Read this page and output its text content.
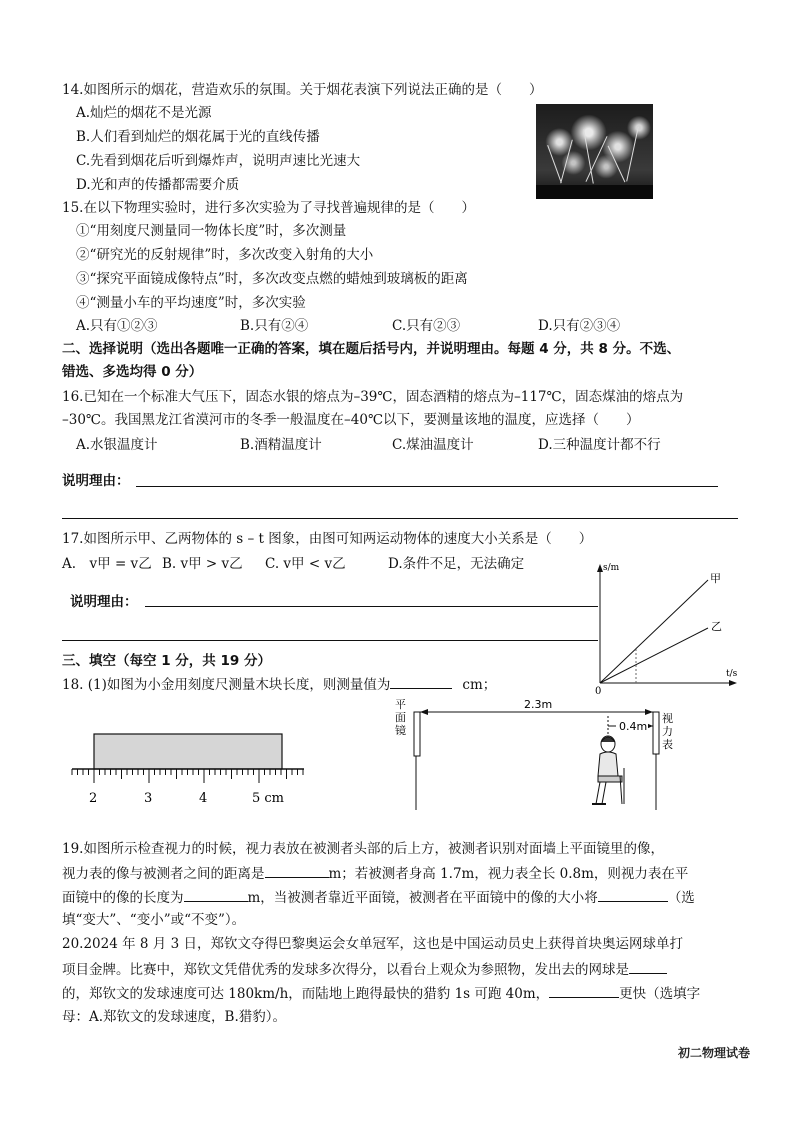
14.如图所示的烟花，营造欢乐的氛围。关于烟花表演下列说法正确的是（　　）
A.灿烂的烟花不是光源
B.人们看到灿烂的烟花属于光的直线传播
C.先看到烟花后听到爆炸声，说明声速比光速大
D.光和声的传播都需要介质
15.在以下物理实验时，进行多次实验为了寻找普遍规律的是（　　）
①“用刻度尺测量同一物体长度”时，多次测量
②“研究光的反射规律”时，多次改变入射角的大小
③“探究平面镜成像特点”时，多次改变点燃的蜡烛到玻璃板的距离
④“测量小车的平均速度”时，多次实验
A.只有①②③	B.只有②④	C.只有②③	D.只有②③④
二、选择说明（选出各题唯一正确的答案，填在题后括号内，并说明理由。每题 4 分，共 8 分。不选、
错选、多选均得 0 分）
16.已知在一个标准大气压下，固态水银的熔点为–39℃，固态酒精的熔点为–117℃，固态煤油的熔点为
–30℃。我国黑龙江省漠河市的冬季一般温度在–40℃以下，要测量该地的温度，应选择（　　）
A.水银温度计	B.酒精温度计	C.煤油温度计	D.三种温度计都不行
说明理由：
17.如图所示甲、乙两物体的 s – t 图象，由图可知两运动物体的速度大小关系是（　　）
A.　v甲 = v乙 B. v甲 > v乙 C. v甲 < v乙	D.条件不足，无法确定
说明理由：
s/m
t/s
0
甲
乙
三、填空（每空 1 分，共 19 分）
18. (1)如图为小金用刻度尺测量木块长度，则测量值为	cm；
2	3	4	5 cm
0.4m
2.3m
平 面 镜
视 力 表
19.如图所示检查视力的时候，视力表放在被测者头部的后上方，被测者识别对面墙上平面镜里的像，
视力表的像与被测者之间的距离是	m；若被测者身高 1.7m，视力表全长 0.8m，则视力表在平
面镜中的像的长度为	m，当被测者靠近平面镜，被测者在平面镜中的像的大小将	（选
填“变大”、“变小”或“不变”）。
20.2024 年 8 月 3 日，郑钦文夺得巴黎奥运会女单冠军，这也是中国运动员史上获得首块奥运网球单打
项目金牌。比赛中，郑钦文凭借优秀的发球多次得分，以看台上观众为参照物，发出去的网球是
的，郑钦文的发球速度可达 180km/h，而陆地上跑得最快的猎豹 1s 可跑 40m，	更快（选填字
母：A.郑钦文的发球速度，B.猎豹）。
初二物理试卷
